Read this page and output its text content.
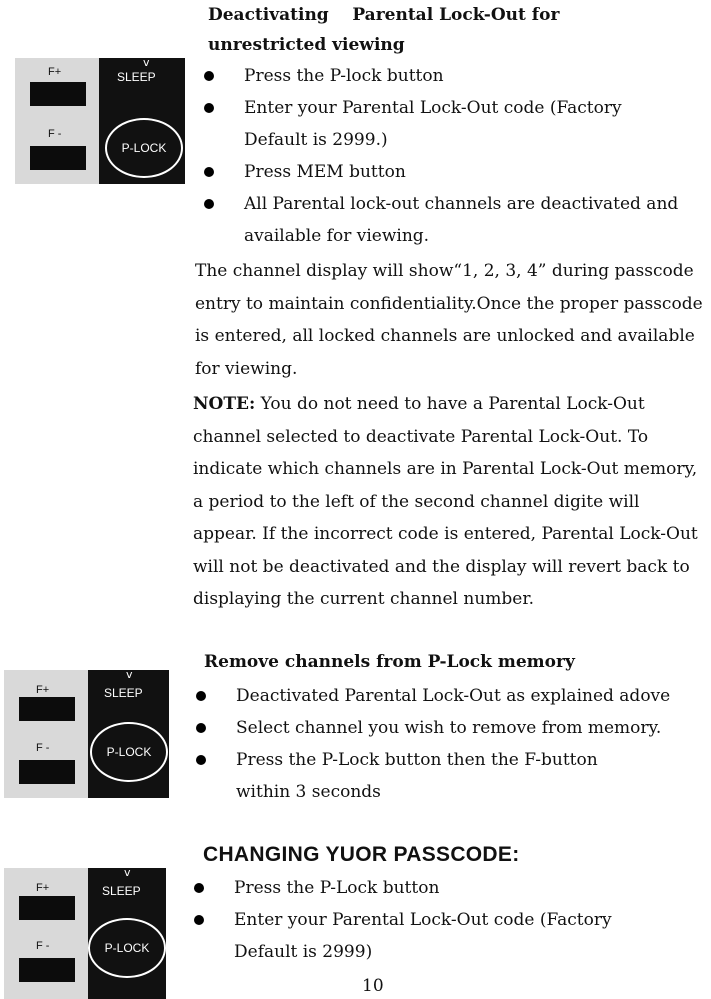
F+
F -
v
SLEEP
P-LOCK
F+
F -
v
SLEEP
P-LOCK
F+
F -
v
SLEEP
P-LOCK
Deactivating    Parental Lock-Out for unrestricted viewing
Press the P-lock button
Enter your Parental Lock-Out code (Factory Default is 2999.)
Press MEM button
All Parental lock-out channels are deactivated and available for viewing.
The channel display will show“1, 2, 3, 4” during passcode entry to maintain confidentiality.Once the proper passcode is entered, all locked channels are unlocked and available for viewing.
NOTE: You do not need to have a Parental Lock-Out channel selected to deactivate Parental Lock-Out. To indicate which channels are in Parental Lock-Out memory, a period to the left of the second channel digite will appear. If the incorrect code is entered, Parental Lock-Out will not be deactivated and the display will revert back to displaying the current channel number.
Remove channels from P-Lock memory
Deactivated Parental Lock-Out as explained adove
Select channel you wish to remove from memory.
Press the P-Lock button then the F-button within 3 seconds
CHANGING YUOR PASSCODE:
Press the P-Lock button
Enter your Parental Lock-Out code (Factory Default is 2999)
10
